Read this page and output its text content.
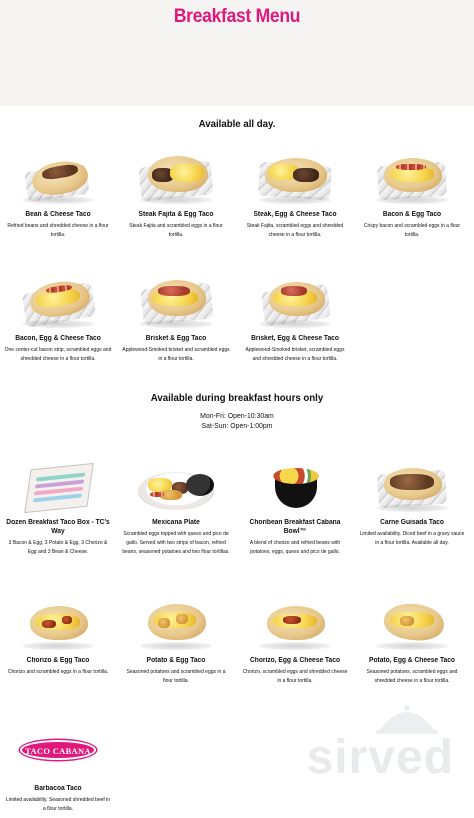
Breakfast Menu
Available all day.
Bean & Cheese Taco
Refried beans and shredded cheese in a flour tortilla.
Steak Fajita & Egg Taco
Steak Fajita and scrambled eggs in a flour tortilla.
Steak, Egg & Cheese Taco
Steak Fajita, scrambled eggs and shredded cheese in a flour tortilla.
Bacon & Egg Taco
Crispy bacon and scrambled eggs in a flour tortilla.
Bacon, Egg & Cheese Taco
One center-cut bacon strip, scrambled eggs and shredded cheese in a flour tortilla.
Brisket & Egg Taco
Applewood-Smoked brisket and scrambled eggs in a flour tortilla.
Brisket, Egg & Cheese Taco
Applewood-Smoked brisket, scrambled eggs and shredded cheese in a flour tortilla.
Available during breakfast hours only
Mon-Fri: Open-10:30am
Sat-Sun: Open-1:00pm
Dozen Breakfast Taco Box - TC's Way
3 Bacon & Egg, 3 Potato & Egg, 3 Chorizo & Egg and 3 Bean & Cheese.
Mexicana Plate
Scrambled eggs topped with queso and pico de gallo. Served with two strips of bacon, refried beans, seasoned potatoes and two flour tortillas.
Choribean Breakfast Cabana Bowl™
A blend of chorizo and refried beans with potatoes, eggs, queso and pico de gallo.
Carne Guisada Taco
Limited availability. Diced beef in a gravy sauce in a flour tortilla. Available all day.
Chorizo & Egg Taco
Chorizo and scrambled eggs in a flour tortilla.
Potato & Egg Taco
Seasoned potatoes and scrambled eggs in a flour tortilla.
Chorizo, Egg & Cheese Taco
Chorizo, scrambled eggs and shredded cheese in a flour tortilla.
Potato, Egg & Cheese Taco
Seasoned potatoes, scrambled eggs and shredded cheese in a flour tortilla.
TACO CABANA
Barbacoa Taco
Limited availability. Seasoned shredded beef in a flour tortilla.
sirved
